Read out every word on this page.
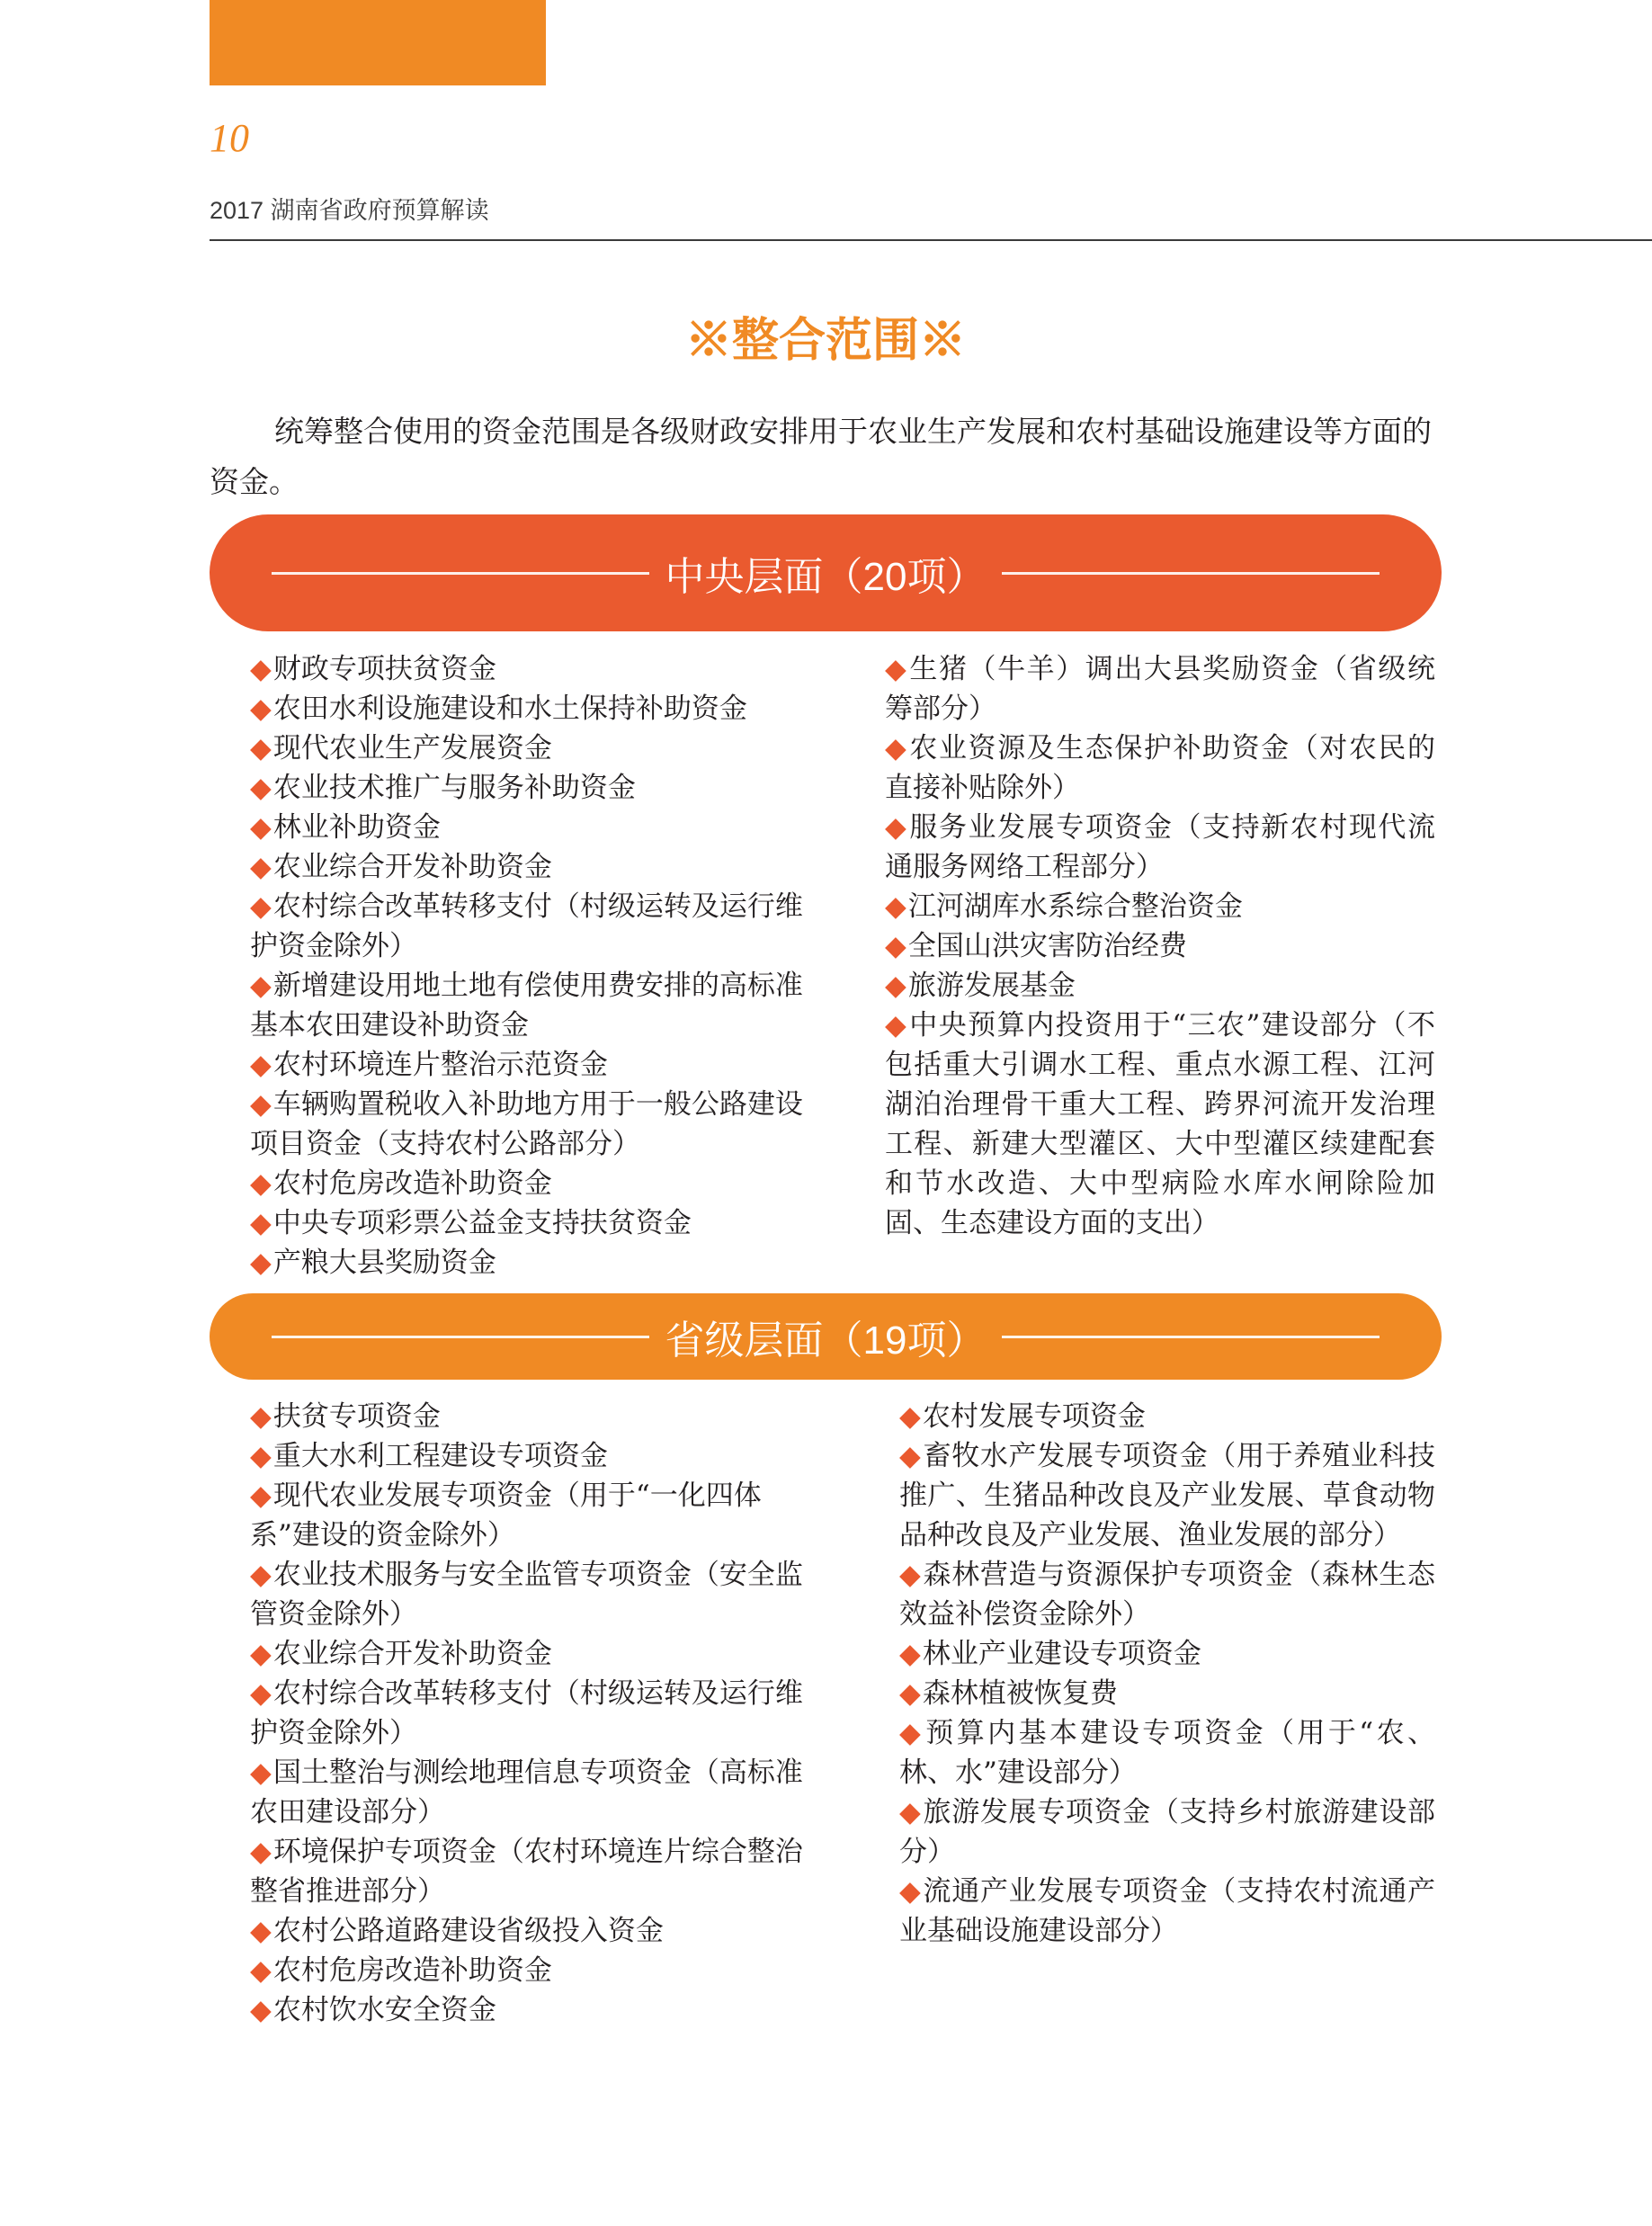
10
2017 湖南省政府预算解读
※整合范围※

统筹整合使用的资金范围是各级财政安排用于农业生产发展和农村基础设施建设等方面的资金。

中央层面（20项）
◆财政专项扶贫资金
◆农田水利设施建设和水土保持补助资金
◆现代农业生产发展资金
◆农业技术推广与服务补助资金
◆林业补助资金
◆农业综合开发补助资金
◆农村综合改革转移支付（村级运转及运行维护资金除外）
◆新增建设用地土地有偿使用费安排的高标准基本农田建设补助资金
◆农村环境连片整治示范资金
◆车辆购置税收入补助地方用于一般公路建设项目资金（支持农村公路部分）
◆农村危房改造补助资金
◆中央专项彩票公益金支持扶贫资金
◆产粮大县奖励资金
◆生猪（牛羊）调出大县奖励资金（省级统筹部分）
◆农业资源及生态保护补助资金（对农民的直接补贴除外）
◆服务业发展专项资金（支持新农村现代流通服务网络工程部分）
◆江河湖库水系综合整治资金
◆全国山洪灾害防治经费
◆旅游发展基金
◆中央预算内投资用于“三农”建设部分（不包括重大引调水工程、重点水源工程、江河湖泊治理骨干重大工程、跨界河流开发治理工程、新建大型灌区、大中型灌区续建配套和节水改造、大中型病险水库水闸除险加固、生态建设方面的支出）
省级层面（19项）
◆扶贫专项资金
◆重大水利工程建设专项资金
◆现代农业发展专项资金（用于“一化四体系”建设的资金除外）
◆农业技术服务与安全监管专项资金（安全监管资金除外）
◆农业综合开发补助资金
◆农村综合改革转移支付（村级运转及运行维护资金除外）
◆国土整治与测绘地理信息专项资金（高标准农田建设部分）
◆环境保护专项资金（农村环境连片综合整治整省推进部分）
◆农村公路道路建设省级投入资金
◆农村危房改造补助资金
◆农村饮水安全资金
◆农村发展专项资金
◆畜牧水产发展专项资金（用于养殖业科技推广、生猪品种改良及产业发展、草食动物品种改良及产业发展、渔业发展的部分）
◆森林营造与资源保护专项资金（森林生态效益补偿资金除外）
◆林业产业建设专项资金
◆森林植被恢复费
◆预算内基本建设专项资金（用于“农、林、水”建设部分）
◆旅游发展专项资金（支持乡村旅游建设部分）
◆流通产业发展专项资金（支持农村流通产业基础设施建设部分）
